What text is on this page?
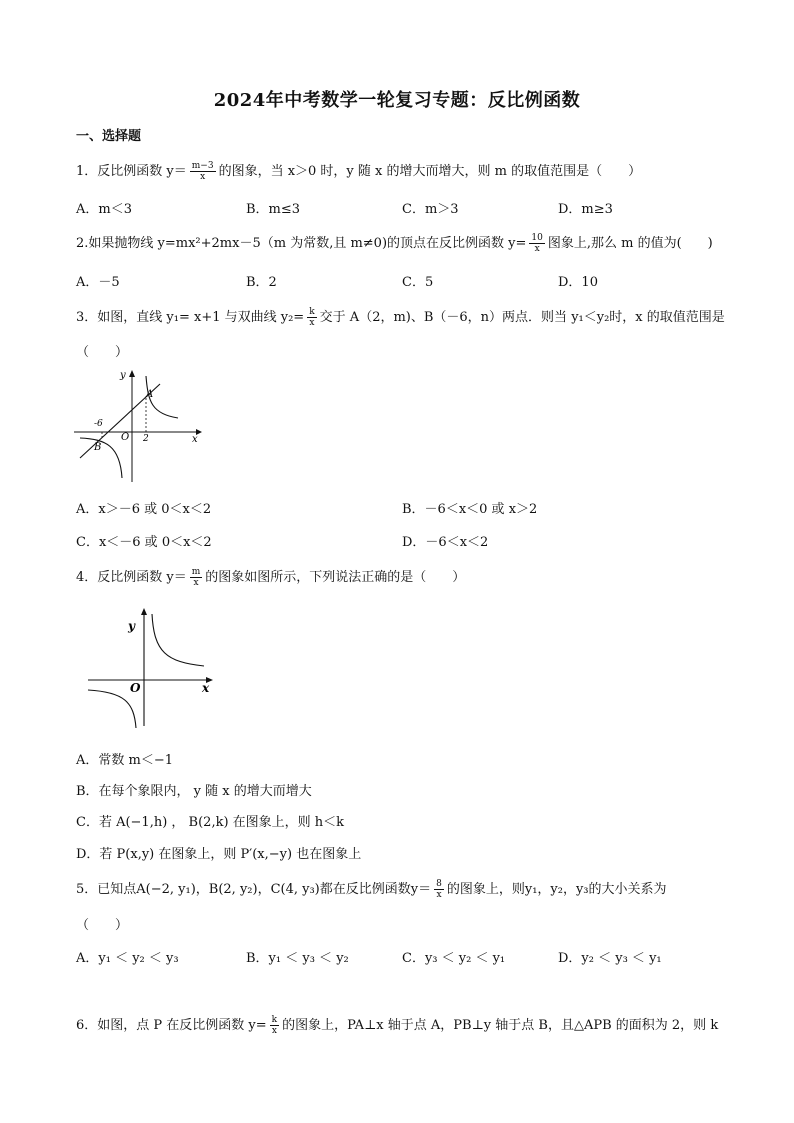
2024年中考数学一轮复习专题：反比例函数
一、选择题
1．反比例函数 $y= \frac{m-3}{x}$ 的图象，当 x＞0 时，y 随 x 的增大而增大，则 m 的取值范围是（　　）
A．m＜3	B．m≤3	C．m＞3	D．m≥3
2.如果抛物线 y=mx²+2mx－5（m 为常数,且 m≠0)的顶点在反比例函数 $y= \frac{10}{x}$ 图象上,那么 m 的值为(　　)
A．－5	B．2	C．5	D．10
3．如图，直线 y₁= x+1 与双曲线 $y_2= \frac{k}{x}$ 交于 A（2，m)、B（－6，n）两点．则当 y₁＜y₂时，x 的取值范围是
（　　）
y
x
O
A
B
-6
2
A．x＞－6 或 0＜x＜2	B．－6＜x＜0 或 x＞2
C．x＜－6 或 0＜x＜2	D．－6＜x＜2
4．反比例函数 $y= \frac{m}{x}$ 的图象如图所示，下列说法正确的是（　　）
y
x
O
A．常数 m＜−1
B．在每个象限内， y 随 x 的增大而增大
C．若 A(−1,h) ， B(2,k) 在图象上，则 h＜k
D．若 P(x,y) 在图象上，则 P′(x,−y) 也在图象上
5．已知点A(−2, y₁)，B(2, y₂)，C(4, y₃)都在反比例函数$y= \frac{8}{x}$ 的图象上，则y₁，y₂，y₃的大小关系为
（　　）
A．y₁ ＜ y₂ ＜ y₃	B．y₁ ＜ y₃ ＜ y₂	C．y₃ ＜ y₂ ＜ y₁	D．y₂ ＜ y₃ ＜ y₁
6．如图，点 P 在反比例函数 $y= \frac{k}{x}$ 的图象上，PA⊥x 轴于点 A，PB⊥y 轴于点 B，且△APB 的面积为 2，则 k
